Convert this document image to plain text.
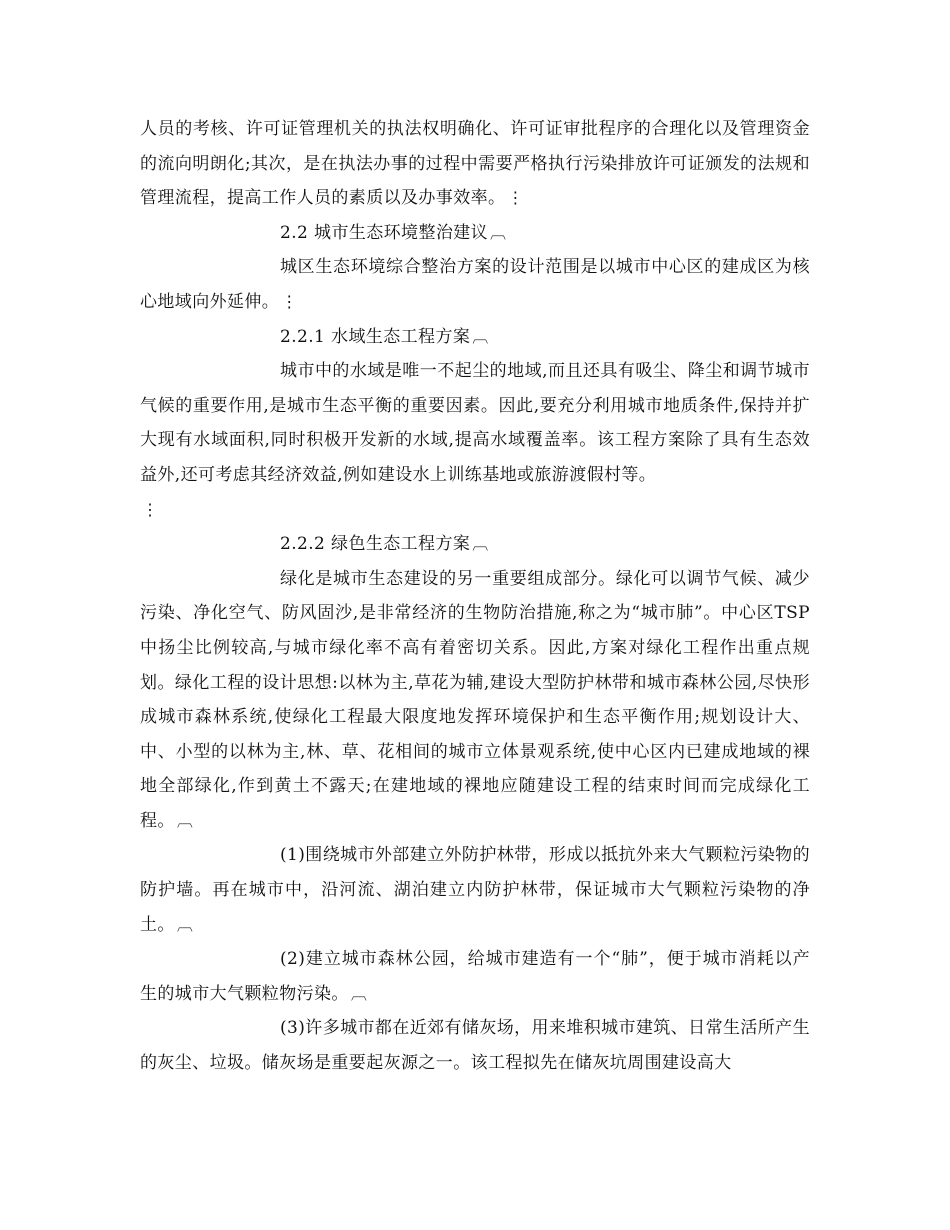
人员的考核、许可证管理机关的执法权明确化、许可证审批程序的合理化以及管理资金的流向明朗化;其次，是在执法办事的过程中需要严格执行污染排放许可证颁发的法规和管理流程，提高工作人员的素质以及办事效率。 ⋮

2.2 城市生态环境整治建议 ︹

城区生态环境综合整治方案的设计范围是以城市中心区的建成区为核心地域向外延伸。 ⋮

2.2.1 水域生态工程方案 ︹

城市中的水域是唯一不起尘的地域,而且还具有吸尘、降尘和调节城市气候的重要作用,是城市生态平衡的重要因素。因此,要充分利用城市地质条件,保持并扩大现有水域面积,同时积极开发新的水域,提高水域覆盖率。该工程方案除了具有生态效益外,还可考虑其经济效益,例如建设水上训练基地或旅游渡假村等。

⋮

2.2.2 绿色生态工程方案 ︹

绿化是城市生态建设的另一重要组成部分。绿化可以调节气候、减少污染、净化空气、防风固沙,是非常经济的生物防治措施,称之为“城市肺”。中心区TSP 中扬尘比例较高,与城市绿化率不高有着密切关系。因此,方案对绿化工程作出重点规划。绿化工程的设计思想:以林为主,草花为辅,建设大型防护林带和城市森林公园,尽快形成城市森林系统,使绿化工程最大限度地发挥环境保护和生态平衡作用;规划设计大、中、小型的以林为主,林、草、花相间的城市立体景观系统,使中心区内已建成地域的裸地全部绿化,作到黄土不露天;在建地域的裸地应随建设工程的结束时间而完成绿化工程。 ︹

(1)围绕城市外部建立外防护林带，形成以抵抗外来大气颗粒污染物的防护墙。再在城市中，沿河流、湖泊建立内防护林带，保证城市大气颗粒污染物的净土。 ︹

(2)建立城市森林公园，给城市建造有一个“肺”，便于城市消耗以产生的城市大气颗粒物污染。 ︹

(3)许多城市都在近郊有储灰场，用来堆积城市建筑、日常生活所产生的灰尘、垃圾。储灰场是重要起灰源之一。该工程拟先在储灰坑周围建设高大
